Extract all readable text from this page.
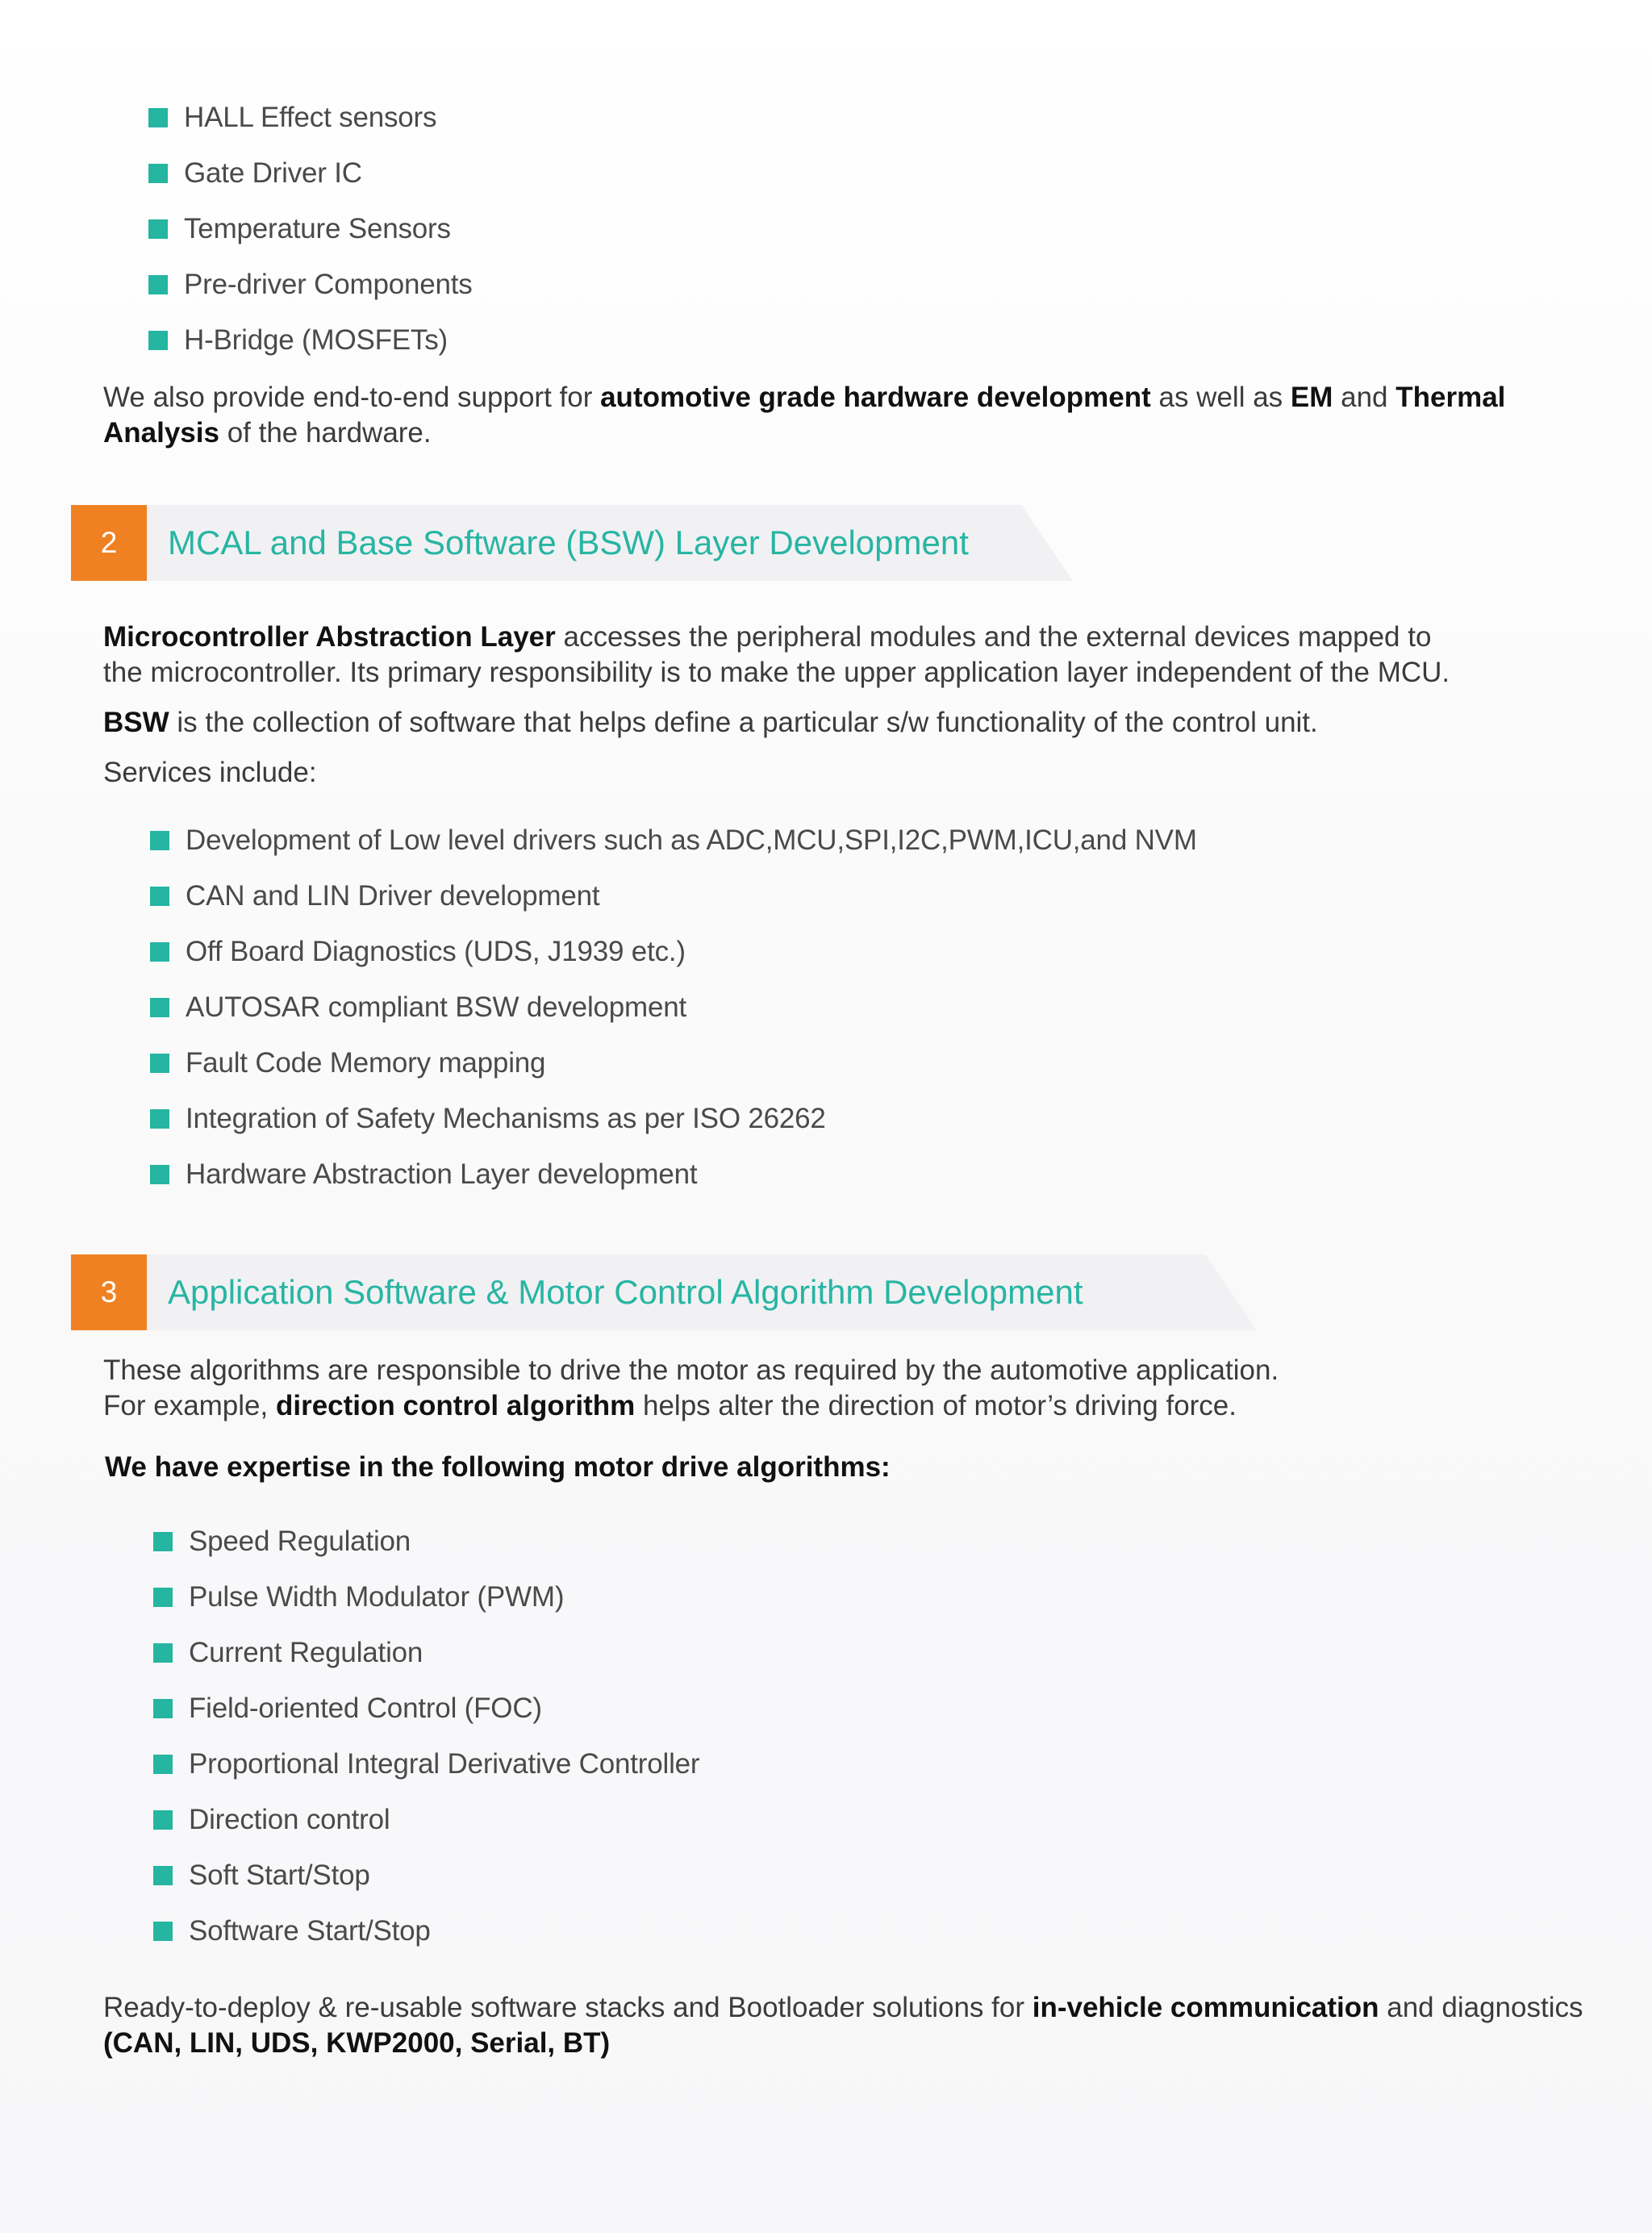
HALL Effect sensors
Gate Driver IC
Temperature Sensors
Pre-driver Components
H-Bridge (MOSFETs)

We also provide end-to-end support for automotive grade hardware development as well as EM and Thermal Analysis of the hardware.

2	MCAL and Base Software (BSW) Layer Development

Microcontroller Abstraction Layer accesses the peripheral modules and the external devices mapped to the microcontroller. Its primary responsibility is to make the upper application layer independent of the MCU.

BSW is the collection of software that helps define a particular s/w functionality of the control unit.

Services include:

Development of Low level drivers such as ADC,MCU,SPI,I2C,PWM,ICU,and NVM
CAN and LIN Driver development
Off Board Diagnostics (UDS, J1939 etc.)
AUTOSAR compliant BSW development
Fault Code Memory mapping
Integration of Safety Mechanisms as per ISO 26262
Hardware Abstraction Layer development
3	Application Software & Motor Control Algorithm Development

These algorithms are responsible to drive the motor as required by the automotive application.

For example, direction control algorithm helps alter the direction of motor’s driving force.

We have expertise in the following motor drive algorithms:

Speed Regulation
Pulse Width Modulator (PWM)
Current Regulation
Field-oriented Control (FOC)
Proportional Integral Derivative Controller
Direction control
Soft Start/Stop
Software Start/Stop

Ready-to-deploy & re-usable software stacks and Bootloader solutions for in-vehicle communication and diagnostics
(CAN, LIN, UDS, KWP2000, Serial, BT)
